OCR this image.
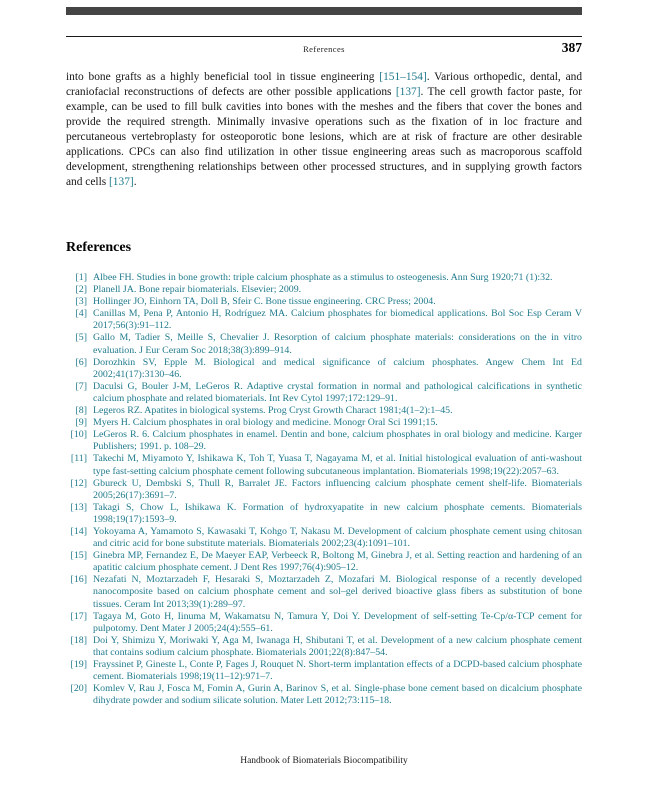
References	387

into bone grafts as a highly beneficial tool in tissue engineering [151–154]. Various orthopedic, dental, and craniofacial reconstructions of defects are other possible applications [137]. The cell growth factor paste, for example, can be used to fill bulk cavities into bones with the meshes and the fibers that cover the bones and provide the required strength. Minimally invasive operations such as the fixation of in loc fracture and percutaneous vertebroplasty for osteoporotic bone lesions, which are at risk of fracture are other desirable applications. CPCs can also find utilization in other tissue engineering areas such as macroporous scaffold development, strengthening relationships between other processed structures, and in supplying growth factors and cells [137].

References
[1] Albee FH. Studies in bone growth: triple calcium phosphate as a stimulus to osteogenesis. Ann Surg 1920;71 (1):32.
[2] Planell JA. Bone repair biomaterials. Elsevier; 2009.
[3] Hollinger JO, Einhorn TA, Doll B, Sfeir C. Bone tissue engineering. CRC Press; 2004.
[4] Canillas M, Pena P, Antonio H, Rodríguez MA. Calcium phosphates for biomedical applications. Bol Soc Esp Ceram V 2017;56(3):91–112.
[5] Gallo M, Tadier S, Meille S, Chevalier J. Resorption of calcium phosphate materials: considerations on the in vitro evaluation. J Eur Ceram Soc 2018;38(3):899–914.
[6] Dorozhkin SV, Epple M. Biological and medical significance of calcium phosphates. Angew Chem Int Ed 2002;41(17):3130–46.
[7] Daculsi G, Bouler J-M, LeGeros R. Adaptive crystal formation in normal and pathological calcifications in synthetic calcium phosphate and related biomaterials. Int Rev Cytol 1997;172:129–91.
[8] Legeros RZ. Apatites in biological systems. Prog Cryst Growth Charact 1981;4(1–2):1–45.
[9] Myers H. Calcium phosphates in oral biology and medicine. Monogr Oral Sci 1991;15.
[10] LeGeros R. 6. Calcium phosphates in enamel. Dentin and bone, calcium phosphates in oral biology and medicine. Karger Publishers; 1991. p. 108–29.
[11] Takechi M, Miyamoto Y, Ishikawa K, Toh T, Yuasa T, Nagayama M, et al. Initial histological evaluation of anti-washout type fast-setting calcium phosphate cement following subcutaneous implantation. Biomaterials 1998;19(22):2057–63.
[12] Gbureck U, Dembski S, Thull R, Barralet JE. Factors influencing calcium phosphate cement shelf-life. Biomaterials 2005;26(17):3691–7.
[13] Takagi S, Chow L, Ishikawa K. Formation of hydroxyapatite in new calcium phosphate cements. Biomaterials 1998;19(17):1593–9.
[14] Yokoyama A, Yamamoto S, Kawasaki T, Kohgo T, Nakasu M. Development of calcium phosphate cement using chitosan and citric acid for bone substitute materials. Biomaterials 2002;23(4):1091–101.
[15] Ginebra MP, Fernandez E, De Maeyer EAP, Verbeeck R, Boltong M, Ginebra J, et al. Setting reaction and hardening of an apatitic calcium phosphate cement. J Dent Res 1997;76(4):905–12.
[16] Nezafati N, Moztarzadeh F, Hesaraki S, Moztarzadeh Z, Mozafari M. Biological response of a recently developed nanocomposite based on calcium phosphate cement and sol–gel derived bioactive glass fibers as substitution of bone tissues. Ceram Int 2013;39(1):289–97.
[17] Tagaya M, Goto H, Iinuma M, Wakamatsu N, Tamura Y, Doi Y. Development of self-setting Te-Cp/α-TCP cement for pulpotomy. Dent Mater J 2005;24(4):555–61.
[18] Doi Y, Shimizu Y, Moriwaki Y, Aga M, Iwanaga H, Shibutani T, et al. Development of a new calcium phosphate cement that contains sodium calcium phosphate. Biomaterials 2001;22(8):847–54.
[19] Frayssinet P, Gineste L, Conte P, Fages J, Rouquet N. Short-term implantation effects of a DCPD-based calcium phosphate cement. Biomaterials 1998;19(11–12):971–7.
[20] Komlev V, Rau J, Fosca M, Fomin A, Gurin A, Barinov S, et al. Single-phase bone cement based on dicalcium phosphate dihydrate powder and sodium silicate solution. Mater Lett 2012;73:115–18.
Handbook of Biomaterials Biocompatibility
